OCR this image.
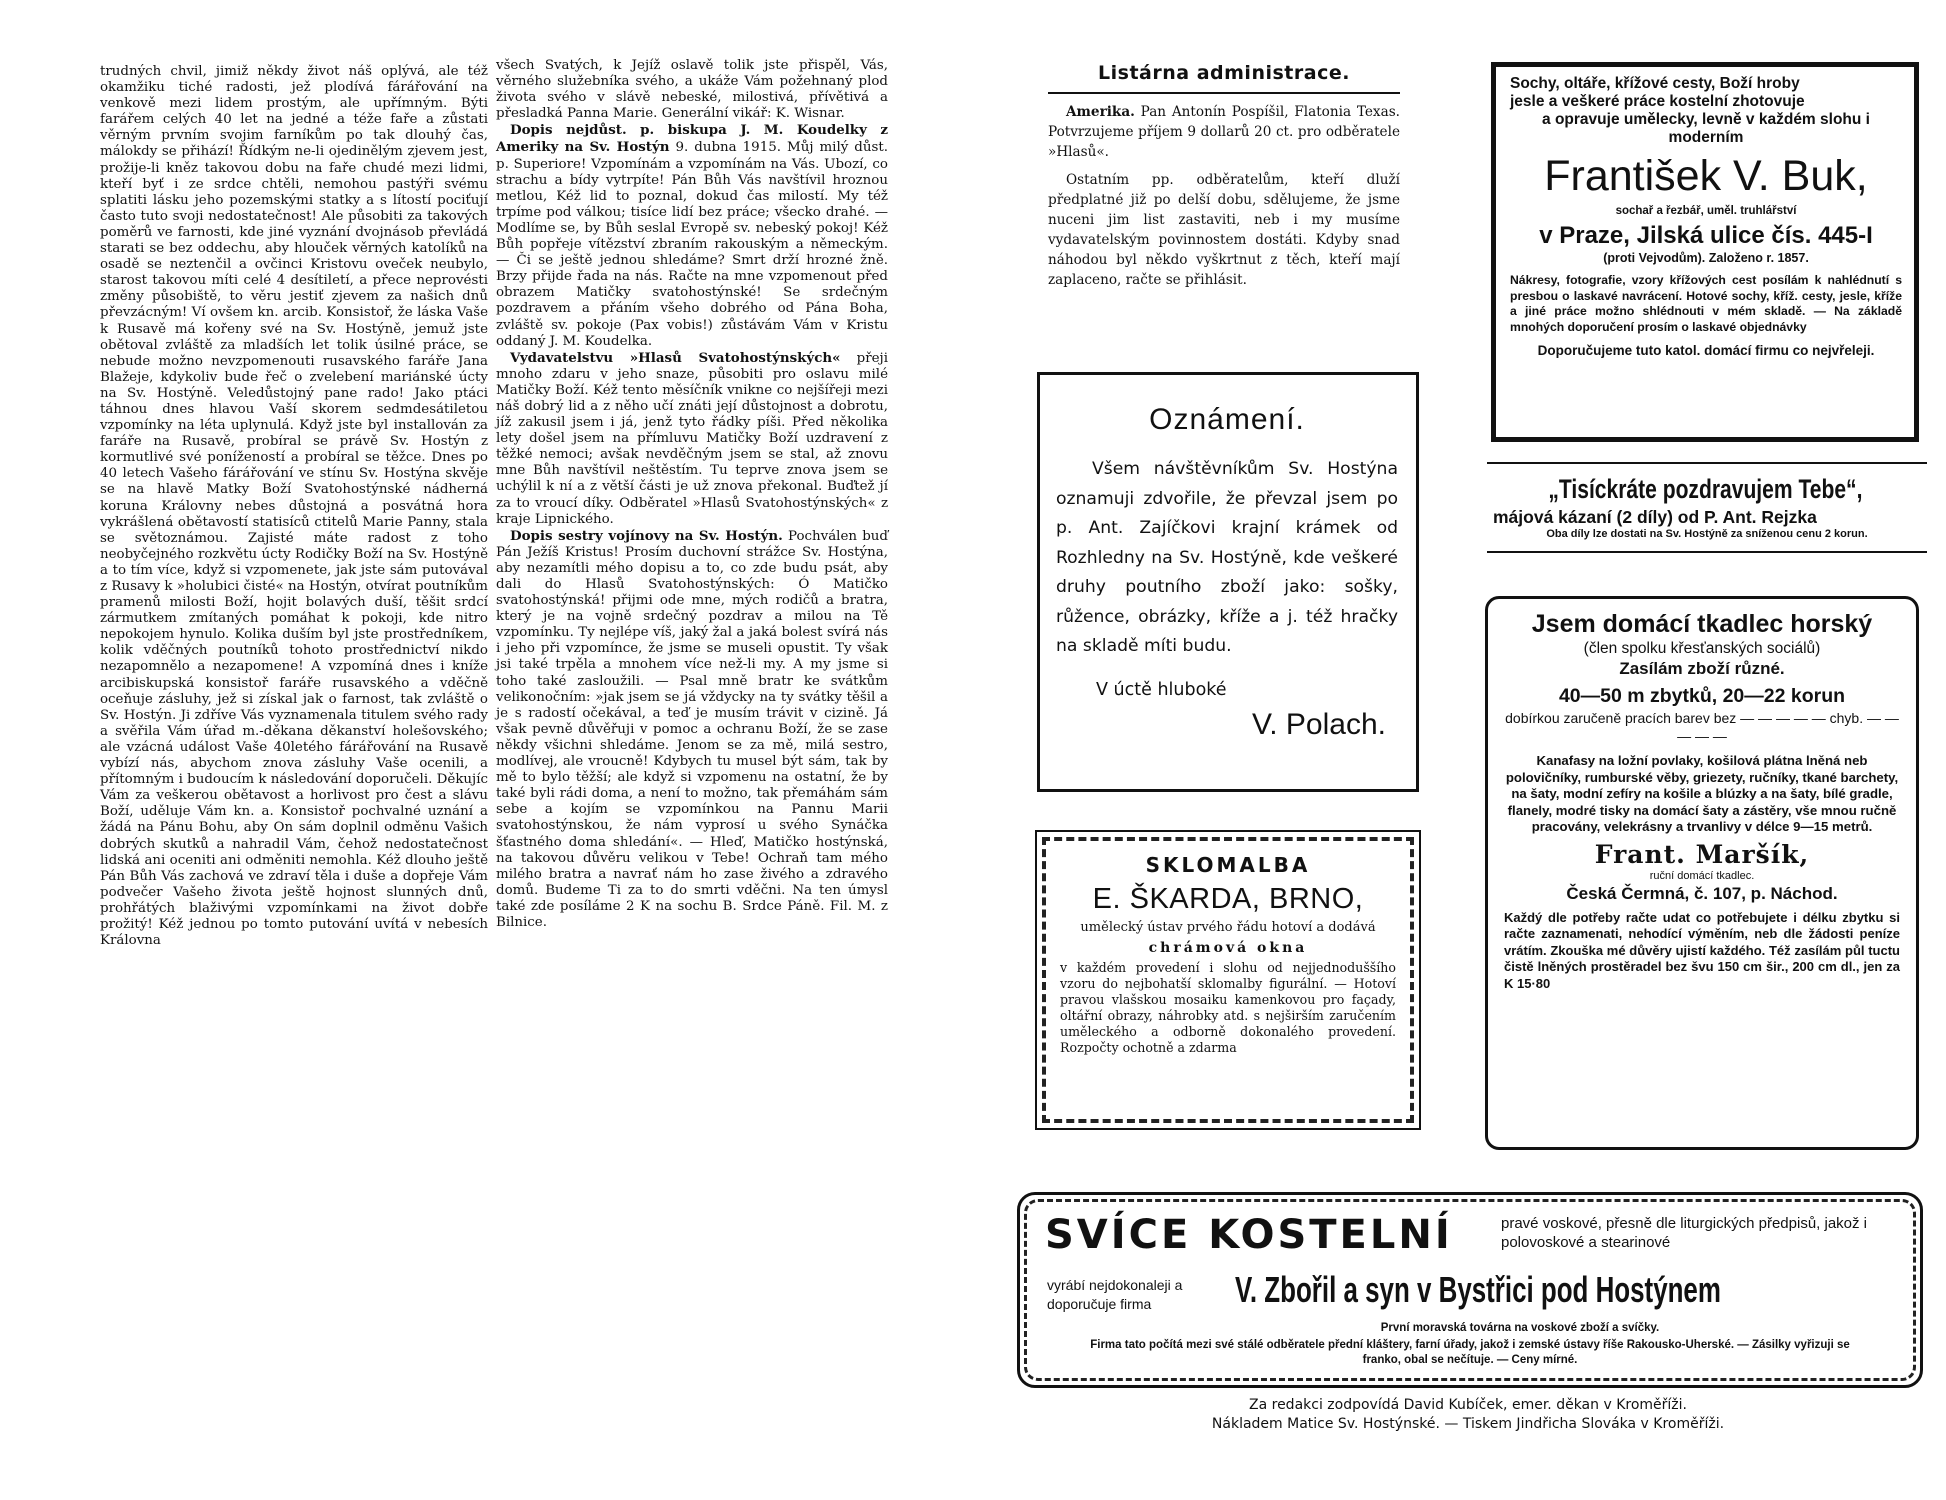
trudných chvil, jimiž někdy život náš oplývá, ale též okamžiku tiché radosti, jež plodívá fárářování na venkově mezi lidem prostým, ale upřímným. Býti farářem celých 40 let na jedné a téže faře a zůstati věrným prvním svojim farníkům po tak dlouhý čas, málokdy se přihází! Řídkým ne-li ojedinělým zjevem jest, prožije-li kněz takovou dobu na faře chudé mezi lidmi, kteří byť i ze srdce chtěli, nemohou pastýři svému splatiti lásku jeho pozemskými statky a s lítostí pociťují často tuto svoji nedostatečnost! Ale působiti za takových poměrů ve farnosti, kde jiné vyznání dvojnásob převládá starati se bez oddechu, aby hlouček věrných katolíků na osadě se neztenčil a ovčinci Kristovu oveček neubylo, starost takovou míti celé 4 desítiletí, a přece neprovésti změny působiště, to věru jestiť zjevem za našich dnů převzácným! Ví ovšem kn. arcib. Konsistoř, že láska Vaše k Rusavě má kořeny své na Sv. Hostýně, jemuž jste obětoval zvláště za mladších let tolik úsilné práce, se nebude možno nevzpomenouti rusavského faráře Jana Blažeje, kdykoliv bude řeč o zvelebení mariánské úcty na Sv. Hostýně. Veledůstojný pane rado! Jako ptáci táhnou dnes hlavou Vaší skorem sedmdesátiletou vzpomínky na léta uplynulá. Když jste byl installován za faráře na Rusavě, probíral se právě Sv. Hostýn z kormutlivé své ponížeností a probíral se těžce. Dnes po 40 letech Vašeho fárářování ve stínu Sv. Hostýna skvěje se na hlavě Matky Boží Svatohostýnské nádherná koruna Královny nebes důstojná a posvátná hora vykrášlená obětavostí statisíců ctitelů Marie Panny, stala se světoznámou. Zajisté máte radost z toho neobyčejného rozkvětu úcty Rodičky Boží na Sv. Hostýně a to tím více, když si vzpomenete, jak jste sám putovával z Rusavy k »holubici čisté« na Hostýn, otvírat poutníkům pramenů milosti Boží, hojit bolavých duší, těšit srdcí zármutkem zmítaných pomáhat k pokoji, kde nitro nepokojem hynulo. Kolika duším byl jste prostředníkem, kolik vděčných poutníků tohoto prostřednictví nikdo nezapomnělo a nezapomene! A vzpomíná dnes i kníže arcibiskupská konsistoř faráře rusavského a vděčně oceňuje zásluhy, jež si získal jak o farnost, tak zvláště o Sv. Hostýn. Ji zdříve Vás vyznamenala titulem svého rady a svěřila Vám úřad m.-děkana děkanství holešovského; ale vzácná událost Vaše 40letého fárářování na Rusavě vybízí nás, abychom znova zásluhy Vaše ocenili, a přítomným i budoucím k následování doporučeli. Děkujíc Vám za veškerou obětavost a horlivost pro čest a slávu Boží, uděluje Vám kn. a. Konsistoř pochvalné uznání a žádá na Pánu Bohu, aby On sám doplnil odměnu Vašich dobrých skutků a nahradil Vám, čehož nedostatečnost lidská ani oceniti ani odměniti nemohla. Kéž dlouho ještě Pán Bůh Vás zachová ve zdraví těla i duše a dopřeje Vám podvečer Vašeho života ještě hojnost slunných dnů, prohřátých blaživými vzpomínkami na život dobře prožitý! Kéž jednou po tomto putování uvítá v nebesích Královna

všech Svatých, k Jejíž oslavě tolik jste přispěl, Vás, věrného služebníka svého, a ukáže Vám požehnaný plod života svého v slávě nebeské, milostivá, přívětivá a přesladká Panna Marie. Generální vikář: K. Wisnar.

Dopis nejdůst. p. biskupa J. M. Koudelky z Ameriky na Sv. Hostýn 9. dubna 1915. Můj milý důst. p. Superiore! Vzpomínám a vzpomínám na Vás. Ubozí, co strachu a bídy vytrpíte! Pán Bůh Vás navštívil hroznou metlou, Kéž lid to poznal, dokud čas milostí. My též trpíme pod válkou; tisíce lidí bez práce; všecko drahé. — Modlíme se, by Bůh seslal Evropě sv. nebeský pokoj! Kéž Bůh popřeje vítězství zbraním rakouským a německým. — Či se ještě jednou shledáme? Smrt drží hrozné žně. Brzy přijde řada na nás. Račte na mne vzpomenout před obrazem Matičky svatohostýnské! Se srdečným pozdravem a přáním všeho dobrého od Pána Boha, zvláště sv. pokoje (Pax vobis!) zůstávám Vám v Kristu oddaný J. M. Koudelka.

Vydavatelstvu »Hlasů Svatohostýnských« přeji mnoho zdaru v jeho snaze, působiti pro oslavu milé Matičky Boží. Kéž tento měsíčník vnikne co nejšířeji mezi náš dobrý lid a z něho učí znáti její důstojnost a dobrotu, jíž zakusil jsem i já, jenž tyto řádky píši. Před několika lety došel jsem na přímluvu Matičky Boží uzdravení z těžké nemoci; avšak nevděčným jsem se stal, až znovu mne Bůh navštívil neštěstím. Tu teprve znova jsem se uchýlil k ní a z větší části je už znova překonal. Buďtež jí za to vroucí díky. Odběratel »Hlasů Svatohostýnských« z kraje Lipnického.

Dopis sestry vojínovy na Sv. Hostýn. Pochválen buď Pán Ježíš Kristus! Prosím duchovní strážce Sv. Hostýna, aby nezamítli mého dopisu a to, co zde budu psát, aby dali do Hlasů Svatohostýnských: Ó Matičko svatohostýnská! přijmi ode mne, mých rodičů a bratra, který je na vojně srdečný pozdrav a milou na Tě vzpomínku. Ty nejlépe víš, jaký žal a jaká bolest svírá nás i jeho při vzpomínce, že jsme se museli opustit. Ty však jsi také trpěla a mnohem více než-li my. A my jsme si toho také zasloužili. — Psal mně bratr ke svátkům velikonočním: »jak jsem se já vždycky na ty svátky těšil a je s radostí očekával, a teď je musím trávit v cizině. Já však pevně důvěřuji v pomoc a ochranu Boží, že se zase někdy všichni shledáme. Jenom se za mě, milá sestro, modlívej, ale vroucně! Kdybych tu musel být sám, tak by mě to bylo těžší; ale když si vzpomenu na ostatní, že by také byli rádi doma, a není to možno, tak přemáhám sám sebe a kojím se vzpomínkou na Pannu Marii svatohostýnskou, že nám vyprosí u svého Synáčka šťastného doma shledání«. — Hleď, Matičko hostýnská, na takovou důvěru velikou v Tebe! Ochraň tam mého milého bratra a navrať nám ho zase živého a zdravého domů. Budeme Ti za to do smrti vděčni. Na ten úmysl také zde posíláme 2 K na sochu B. Srdce Páně. Fil. M. z Bilnice.

Listárna administrace.

Amerika. Pan Antonín Pospíšil, Flatonia Texas. Potvrzujeme příjem 9 dollarů 20 ct. pro odběratele »Hlasů«.

Ostatním pp. odběratelům, kteří dluží předplatné již po delší dobu, sdělujeme, že jsme nuceni jim list zastaviti, neb i my musíme vydavatelským povinnostem dostáti. Kdyby snad náhodou byl někdo vyškrtnut z těch, kteří mají zaplaceno, račte se přihlásit.

Oznámení.
Všem návštěvníkům Sv. Hostýna oznamuji zdvořile, že převzal jsem po p. Ant. Zajíčkovi krajní krámek od Rozhledny na Sv. Hostýně, kde veškeré druhy poutního zboží jako: sošky, růžence, obrázky, kříže a j. též hračky na skladě míti budu.
V úctě hluboké
V. Polach.
SKLOMALBA
E. ŠKARDA, BRNO,
umělecký ústav prvého řádu hotoví a dodává
chrámová okna
v každém provedení i slohu od nejjednoduššího vzoru do nejbohatší sklomalby figurální. — Hotoví pravou vlašskou mosaiku kamenkovou pro façady, oltářní obrazy, náhrobky atd. s nejširším zaručením uměleckého a odborně dokonalého provedení. Rozpočty ochotně a zdarma
Sochy, oltáře, křížové cesty, Boží hroby
jesle a veškeré práce kostelní zhotovuje
a opravuje umělecky, levně v každém slohu i moderním
František V. Buk,
sochař a řezbář, uměl. truhlářství
v Praze, Jilská ulice čís. 445-I
(proti Vejvodům). Založeno r. 1857.
Nákresy, fotografie, vzory křížových cest posílám k nahlédnutí s presbou o laskavé navrácení. Hotové sochy, kříž. cesty, jesle, kříže a jiné práce možno shlédnouti v mém skladě. — Na základě mnohých doporučení prosím o laskavé objednávky
Doporučujeme tuto katol. domácí firmu co nejvřeleji.
„Tisíckráte pozdravujem Tebe“,
májová kázaní (2 díly) od P. Ant. Rejzka
Oba díly lze dostati na Sv. Hostýně za sníženou cenu 2 korun.
Jsem domácí tkadlec horský
(člen spolku křesťanských sociálů)
Zasílám zboží různé.
40—50 m zbytků, 20—22 korun
dobírkou zaručeně pracích barev bez — — — — — chyb. — — — — —
Kanafasy na ložní povlaky, košilová plátna lněná neb polovičníky, rumburské věby, griezety, ručníky, tkané barchety, na šaty, modní zefíry na košile a blúzky a na šaty, bílé gradle, flanely, modré tisky na domácí šaty a zástěry, vše mnou ručně pracovány, velekrásny a trvanlivy v délce 9—15 metrů.
Frant. Maršík,
ruční domácí tkadlec.
Česká Čermná, č. 107, p. Náchod.
Každý dle potřeby račte udat co potřebujete i délku zbytku si račte zaznamenati, nehodící výměním, neb dle žádosti peníze vrátím. Zkouška mé důvěry ujistí každého. Též zasílám půl tuctu čistě lněných prostěradel bez švu 150 cm šir., 200 cm dl., jen za K 15·80
SVÍCE KOSTELNÍ	pravé voskové, přesně dle liturgických předpisů, jakož i polovoskové a stearinové
vyrábí nejdokonaleji a doporučuje firma	V. Zbořil a syn v Bystřici pod Hostýnem
První moravská továrna na voskové zboží a svíčky.
Firma tato počítá mezi své stálé odběratele přední kláštery, farní úřady, jakož i zemské ústavy říše Rakousko-Uherské. — Zásilky vyřizuji se franko, obal se nečítuje. — Ceny mírné.
Za redakci zodpovídá David Kubíček, emer. děkan v Kroměříži.
Nákladem Matice Sv. Hostýnské. — Tiskem Jindřicha Slováka v Kroměříži.
